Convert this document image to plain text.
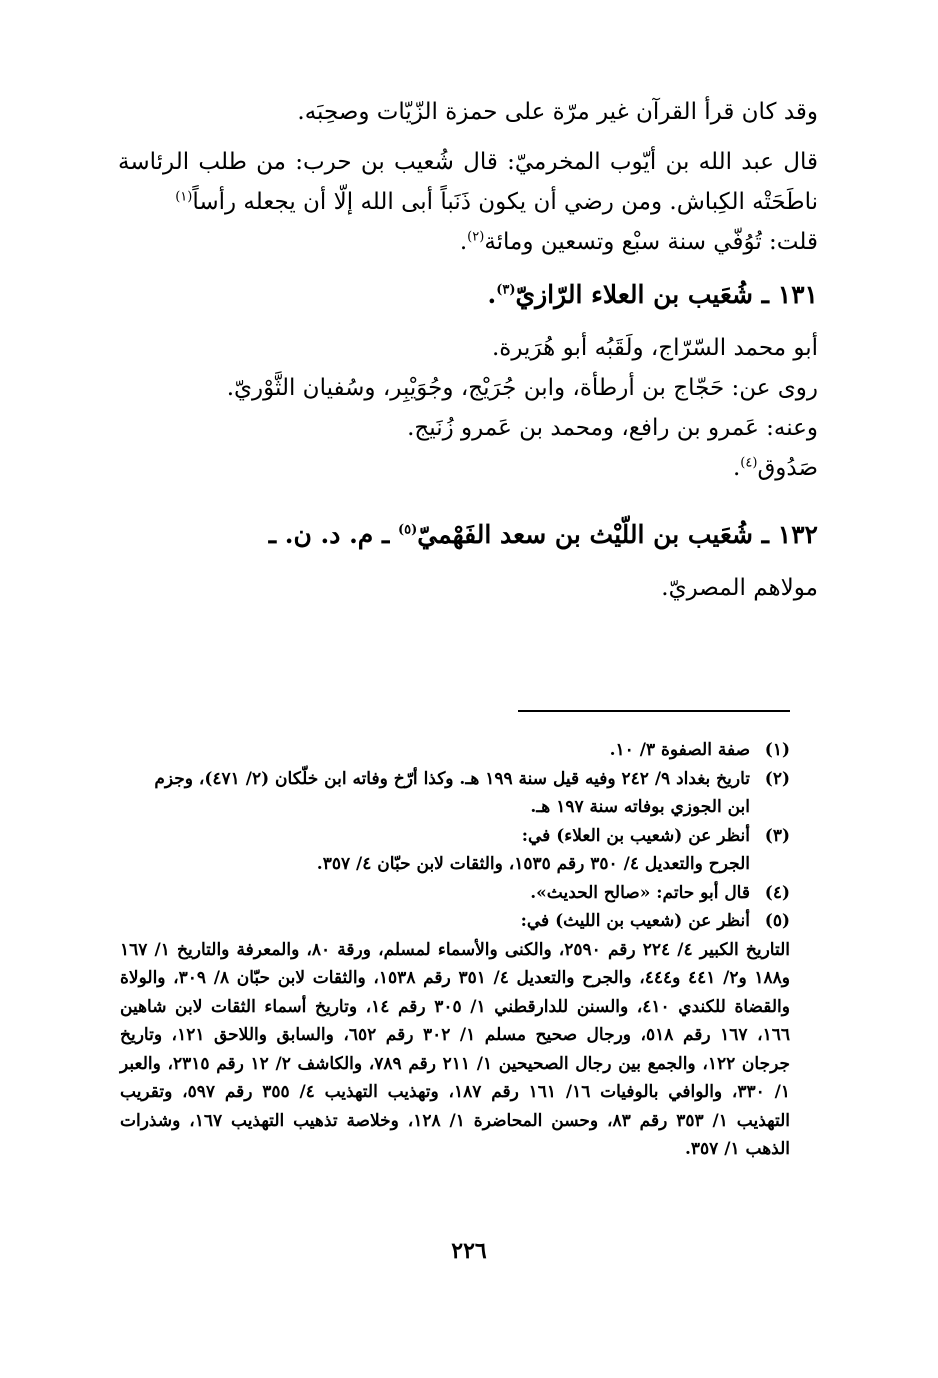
وقد كان قرأ القرآن غير مرّة على حمزة الزّيّات وصحِبَه.

قال عبد الله بن أيّوب المخرميّ: قال شُعيب بن حرب: من طلب الرئاسة ناطَحَتْه الكِباش. ومن رضي أن يكون ذَنَباً أبى الله إلّا أن يجعله رأساً$^{(١)}$

قلت: تُوُفّي سنة سبْع وتسعين ومائة$^{(٢)}$.

١٣١ ـ شُعَيب بن العلاء الرّازيّ$^{(٣)}$.

أبو محمد السّرّاج، ولَقَبُه أبو هُرَيرة.

روى عن: حَجّاج بن أرطأة، وابن جُرَيْج، وجُوَيْبِر، وسُفيان الثَّوْريّ.

وعنه: عَمرو بن رافع، ومحمد بن عَمرو زُنَيج.

صَدُوق$^{(٤)}$.

١٣٢ ـ شُعَيب بن اللّيْث بن سعد الفَهْميّ$^{(٥)}$ ـ م. د. ن. ـ

مولاهم المصريّ.

(١)
صفة الصفوة ٣/ ١٠.
(٢)
تاريخ بغداد ٩/ ٢٤٢ وفيه قيل سنة ١٩٩ هـ. وكذا أرّخ وفاته ابن خلّكان (٢/ ٤٧١)، وجزم
ابن الجوزي بوفاته سنة ١٩٧ هـ.
(٣)
أنظر عن (شعيب بن العلاء) في:
الجرح والتعديل ٤/ ٣٥٠ رقم ١٥٣٥، والثقات لابن حبّان ٤/ ٣٥٧.
(٤)
قال أبو حاتم: «صالح الحديث».
(٥)
أنظر عن (شعيب بن الليث) في:
التاريخ الكبير ٤/ ٢٢٤ رقم ٢٥٩٠، والكنى والأسماء لمسلم، ورقة ٨٠، والمعرفة والتاريخ ١/ ١٦٧ و١٨٨ و٢/ ٤٤١ و٤٤٤، والجرح والتعديل ٤/ ٣٥١ رقم ١٥٣٨، والثقات لابن حبّان ٨/ ٣٠٩، والولاة والقضاة للكندي ٤١٠، والسنن للدارقطني ١/ ٣٠٥ رقم ١٤، وتاريخ أسماء الثقات لابن شاهين ١٦٦، ١٦٧ رقم ٥١٨، ورجال صحيح مسلم ١/ ٣٠٢ رقم ٦٥٢، والسابق واللاحق ١٢١، وتاريخ جرجان ١٢٢، والجمع بين رجال الصحيحين ١/ ٢١١ رقم ٧٨٩، والكاشف ٢/ ١٢ رقم ٢٣١٥، والعبر ١/ ٣٣٠، والوافي بالوفيات ١٦/ ١٦١ رقم ١٨٧، وتهذيب التهذيب ٤/ ٣٥٥ رقم ٥٩٧، وتقريب التهذيب ١/ ٣٥٣ رقم ٨٣، وحسن المحاضرة ١/ ١٢٨، وخلاصة تذهيب التهذيب ١٦٧، وشذرات الذهب ١/ ٣٥٧.
٢٢٦
